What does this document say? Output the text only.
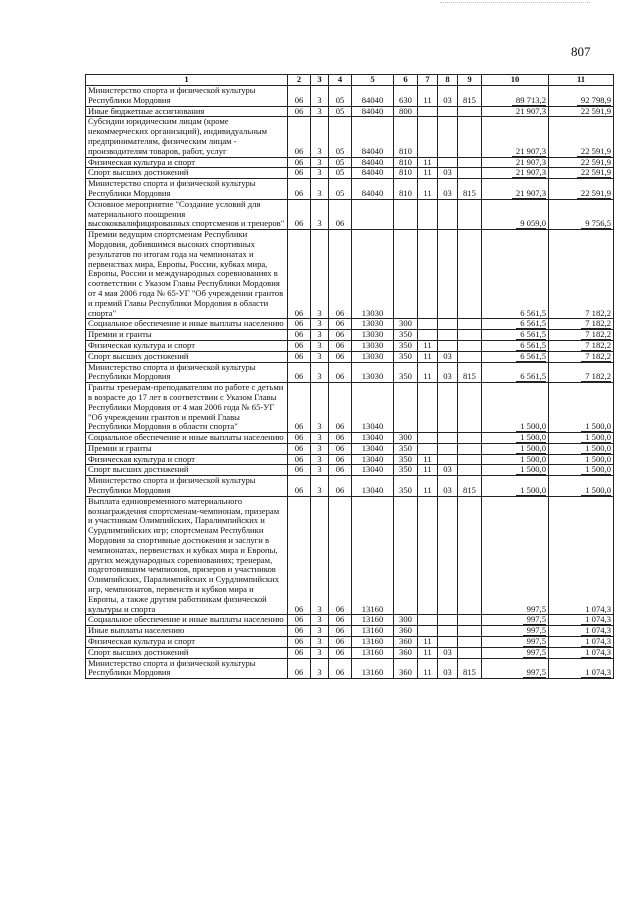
807
1	2	3	4	5	6	7	8	9	10	11
Министерство спорта и физической культуры Республики Мордовия	06	3	05	84040	630	11	03	815	89 713,2	92 798,9
Иные бюджетные ассигнования	06	3	05	84040	800				21 907,3	22 591,9
Субсидии юридическим лицам (кроме некоммерческих организаций), индивидуальным предпринимателям, физическим лицам - производителям товаров, работ, услуг	06	3	05	84040	810				21 907,3	22 591,9
Физическая культура и спорт	06	3	05	84040	810	11			21 907,3	22 591,9
Спорт высших достижений	06	3	05	84040	810	11	03		21 907,3	22 591,9
Министерство спорта и физической культуры Республики Мордовия	06	3	05	84040	810	11	03	815	21 907,3	22 591,9
Основное мероприятие "Создание условий для материального поощрения высококвалифицированных спортсменов и тренеров"	06	3	06						9 059,0	9 756,5
Премии ведущим спортсменам Республики Мордовия, добившимся высоких спортивных результатов по итогам года на чемпионатах и первенствах мира, Европы, России, кубках мира, Европы, России и международных соревнованиях в соответствии с Указом Главы Республики Мордовия от 4 мая 2006 года № 65-УГ "Об учреждении грантов и премий Главы Республики Мордовия в области спорта"	06	3	06	13030					6 561,5	7 182,2
Социальное обеспечение и иные выплаты населению	06	3	06	13030	300				6 561,5	7 182,2
Премии и гранты	06	3	06	13030	350				6 561,5	7 182,2
Физическая культура и спорт	06	3	06	13030	350	11			6 561,5	7 182,2
Спорт высших достижений	06	3	06	13030	350	11	03		6 561,5	7 182,2
Министерство спорта и физической культуры Республики Мордовия	06	3	06	13030	350	11	03	815	6 561,5	7 182,2
Гранты тренерам-преподавателям по работе с детьми в возрасте до 17 лет в соответствии с Указом Главы Республики Мордовия от 4 мая 2006 года № 65-УГ "Об учреждении грантов и премий Главы Республики Мордовия в области спорта"	06	3	06	13040					1 500,0	1 500,0
Социальное обеспечение и иные выплаты населению	06	3	06	13040	300				1 500,0	1 500,0
Премии и гранты	06	3	06	13040	350				1 500,0	1 500,0
Физическая культура и спорт	06	3	06	13040	350	11			1 500,0	1 500,0
Спорт высших достижений	06	3	06	13040	350	11	03		1 500,0	1 500,0
Министерство спорта и физической культуры Республики Мордовия	06	3	06	13040	350	11	03	815	1 500,0	1 500,0
Выплата единовременного материального вознаграждения спортсменам-чемпионам, призерам и участникам Олимпийских, Паралимпийских и Сурдлимпийских игр; спортсменам Республики Мордовия за спортивные достижения и заслуги в чемпионатах, первенствах и кубках мира и Европы, других международных соревнованиях; тренерам, подготовившим чемпионов, призеров и участников Олимпийских, Паралимпийских и Сурдлимпийских игр, чемпионатов, первенств и кубков мира и Европы, а также другим работникам физической культуры и спорта	06	3	06	13160					997,5	1 074,3
Социальное обеспечение и иные выплаты населению	06	3	06	13160	300				997,5	1 074,3
Иные выплаты населению	06	3	06	13160	360				997,5	1 074,3
Физическая культура и спорт	06	3	06	13160	360	11			997,5	1 074,3
Спорт высших достижений	06	3	06	13160	360	11	03		997,5	1 074,3
Министерство спорта и физической культуры Республики Мордовия	06	3	06	13160	360	11	03	815	997,5	1 074,3
